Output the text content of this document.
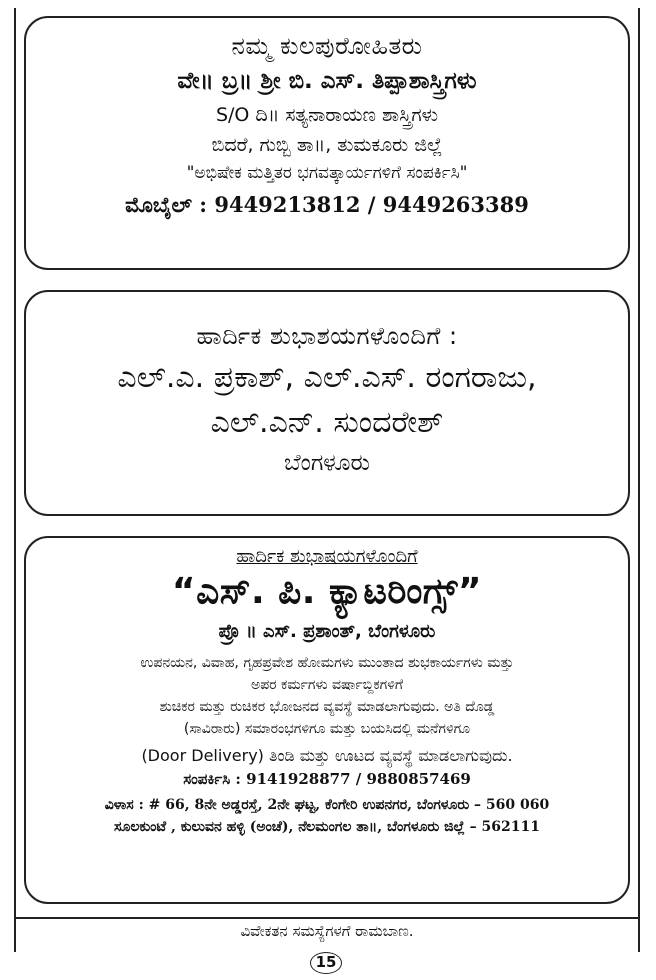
ನಮ್ಮ ಕುಲಪುರೋಹಿತರು
ವೇ॥ ಬ್ರ॥ ಶ್ರೀ ಬಿ. ಎಸ್. ತಿಪ್ಪಾಶಾಸ್ತ್ರಿಗಳು
S/O ದಿ॥ ಸತ್ಯನಾರಾಯಣ ಶಾಸ್ತ್ರಿಗಳು
ಬಿದರೆ, ಗುಬ್ಬಿ ತಾ॥, ತುಮಕೂರು ಜಿಲ್ಲೆ
"ಅಭಿಷೇಕ ಮತ್ತಿತರ ಭಗವತ್ಕಾರ್ಯಗಳಿಗೆ ಸಂಪರ್ಕಿಸಿ"
ಮೊಬೈಲ್ : 9449213812 / 9449263389
ಹಾರ್ದಿಕ ಶುಭಾಶಯಗಳೊಂದಿಗೆ :
ಎಲ್.ಎ. ಪ್ರಕಾಶ್, ಎಲ್.ಎಸ್. ರಂಗರಾಜು,
ಎಲ್.ಎನ್. ಸುಂದರೇಶ್
ಬೆಂಗಳೂರು
ಹಾರ್ದಿಕ ಶುಭಾಷಯಗಳೊಂದಿಗೆ
“ಎಸ್. ಪಿ. ಕ್ಯಾಟರಿಂಗ್ಸ್”
ಪ್ರೊ ॥ ಎಸ್. ಪ್ರಶಾಂತ್, ಬೆಂಗಳೂರು
ಉಪನಯನ, ವಿವಾಹ, ಗೃಹಪ್ರವೇಶ ಹೋಮಗಳು ಮುಂತಾದ ಶುಭಕಾರ್ಯಗಳು ಮತ್ತು
ಅಪರ ಕರ್ಮಗಳು ವರ್ಷಾಬ್ದಿಕಗಳಿಗೆ
ಶುಚಿಕರ ಮತ್ತು ರುಚಿಕರ ಭೋಜನದ ವ್ಯವಸ್ಥೆ ಮಾಡಲಾಗುವುದು. ಅತಿ ದೊಡ್ಡ
(ಸಾವಿರಾರು) ಸಮಾರಂಭಗಳಿಗೂ ಮತ್ತು ಬಯಸಿದಲ್ಲಿ ಮನೆಗಳಿಗೂ
(Door Delivery) ತಿಂಡಿ ಮತ್ತು ಊಟದ ವ್ಯವಸ್ಥೆ ಮಾಡಲಾಗುವುದು.
ಸಂಪರ್ಕಿಸಿ : 9141928877 / 9880857469
ವಿಳಾಸ : # 66, 8ನೇ ಅಡ್ಡರಸ್ತೆ, 2ನೇ ಘಟ್ಟ, ಕೆಂಗೇರಿ ಉಪನಗರ, ಬೆಂಗಳೂರು – 560 060
ಸೂಲಕುಂಟೆ , ಕುಲುವನ ಹಳ್ಳಿ (ಅಂಚೆ), ನೆಲಮಂಗಲ ತಾ॥, ಬೆಂಗಳೂರು ಜಿಲ್ಲೆ – 562111
ವಿವೇಕತನ ಸಮಸ್ಯೆಗಳಗೆ ರಾಮಬಾಣ.
15
